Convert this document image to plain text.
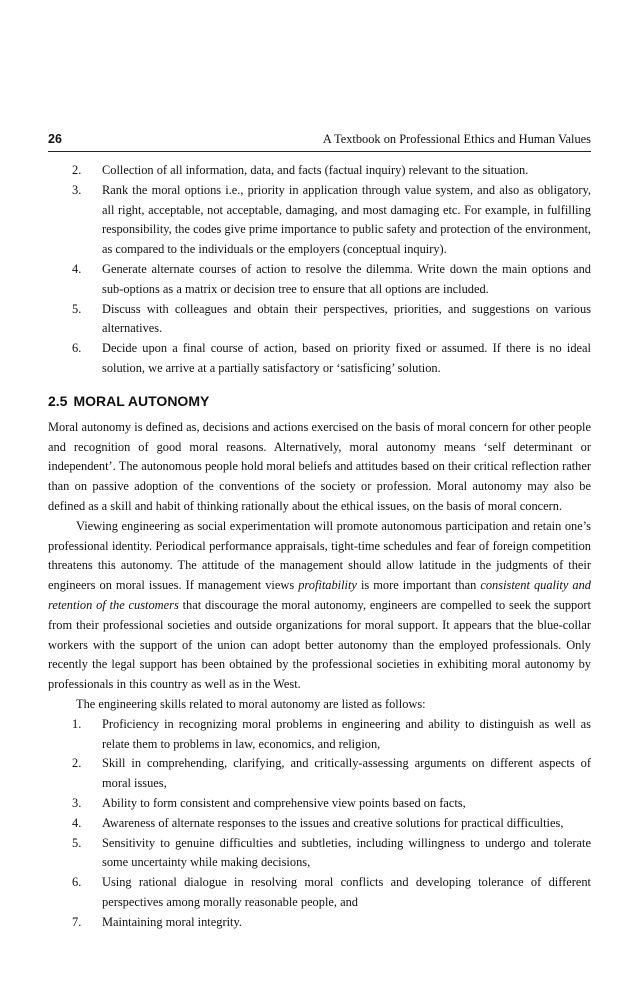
26	A Textbook on Professional Ethics and Human Values
2.	Collection of all information, data, and facts (factual inquiry) relevant to the situation.
3.	Rank the moral options i.e., priority in application through value system, and also as obligatory, all right, acceptable, not acceptable, damaging, and most damaging etc. For example, in fulfilling responsibility, the codes give prime importance to public safety and protection of the environment, as compared to the individuals or the employers (conceptual inquiry).
4.	Generate alternate courses of action to resolve the dilemma. Write down the main options and sub-options as a matrix or decision tree to ensure that all options are included.
5.	Discuss with colleagues and obtain their perspectives, priorities, and suggestions on various alternatives.
6.	Decide upon a final course of action, based on priority fixed or assumed. If there is no ideal solution, we arrive at a partially satisfactory or ‘satisficing’ solution.
2.5 MORAL AUTONOMY

Moral autonomy is defined as, decisions and actions exercised on the basis of moral concern for other people and recognition of good moral reasons. Alternatively, moral autonomy means ‘self determinant or independent’. The autonomous people hold moral beliefs and attitudes based on their critical reflection rather than on passive adoption of the conventions of the society or profession. Moral autonomy may also be defined as a skill and habit of thinking rationally about the ethical issues, on the basis of moral concern.

Viewing engineering as social experimentation will promote autonomous participation and retain one’s professional identity. Periodical performance appraisals, tight-time schedules and fear of foreign competition threatens this autonomy. The attitude of the management should allow latitude in the judgments of their engineers on moral issues. If management views profitability is more important than consistent quality and retention of the customers that discourage the moral autonomy, engineers are compelled to seek the support from their professional societies and outside organizations for moral support. It appears that the blue-collar workers with the support of the union can adopt better autonomy than the employed professionals. Only recently the legal support has been obtained by the professional societies in exhibiting moral autonomy by professionals in this country as well as in the West.

The engineering skills related to moral autonomy are listed as follows:

1.	Proficiency in recognizing moral problems in engineering and ability to distinguish as well as relate them to problems in law, economics, and religion,
2.	Skill in comprehending, clarifying, and critically-assessing arguments on different aspects of moral issues,
3.	Ability to form consistent and comprehensive view points based on facts,
4.	Awareness of alternate responses to the issues and creative solutions for practical difficulties,
5.	Sensitivity to genuine difficulties and subtleties, including willingness to undergo and tolerate some uncertainty while making decisions,
6.	Using rational dialogue in resolving moral conflicts and developing tolerance of different perspectives among morally reasonable people, and
7.	Maintaining moral integrity.
